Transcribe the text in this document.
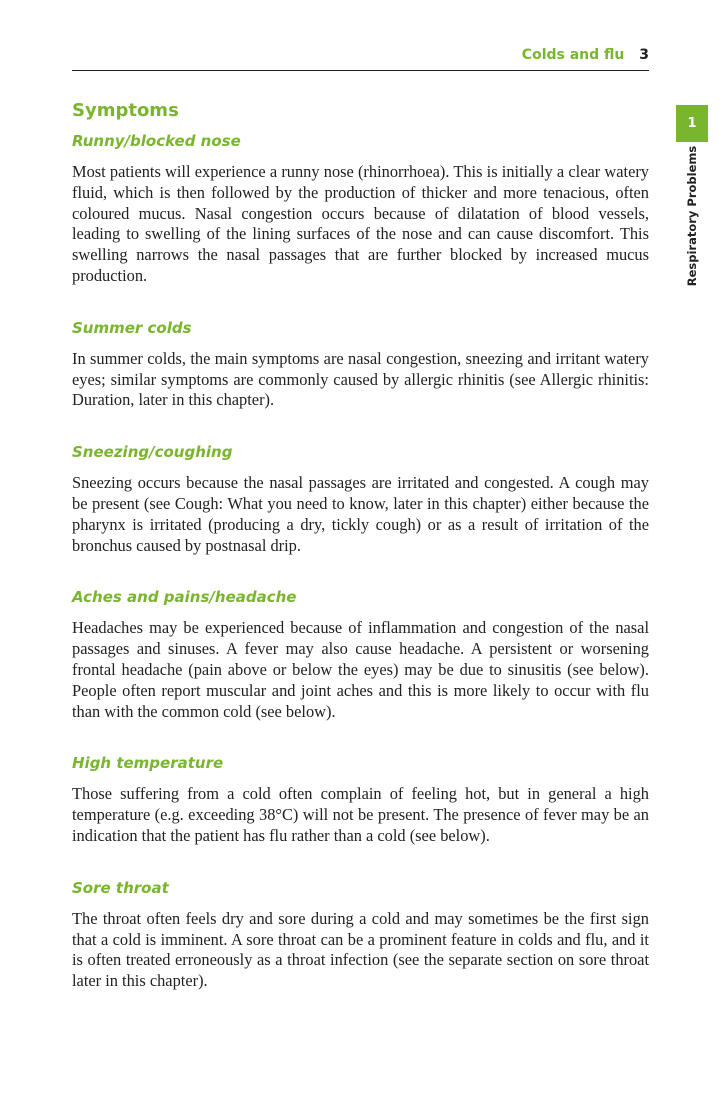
Colds and flu 3
1
Respiratory Problems
Symptoms
Runny/blocked nose

Most patients will experience a runny nose (rhinorrhoea). This is initially a clear watery fluid, which is then followed by the production of thicker and more tenacious, often coloured mucus. Nasal congestion occurs because of dilatation of blood vessels, leading to swelling of the lining surfaces of the nose and can cause discomfort. This swelling narrows the nasal passages that are further blocked by increased mucus production.

Summer colds

In summer colds, the main symptoms are nasal congestion, sneezing and irritant watery eyes; similar symptoms are commonly caused by allergic rhinitis (see Allergic rhinitis: Duration, later in this chapter).

Sneezing/coughing

Sneezing occurs because the nasal passages are irritated and congested. A cough may be present (see Cough: What you need to know, later in this chapter) either because the pharynx is irritated (producing a dry, tickly cough) or as a result of irritation of the bronchus caused by postnasal drip.

Aches and pains/headache

Headaches may be experienced because of inflammation and congestion of the nasal passages and sinuses. A fever may also cause headache. A persistent or worsening frontal headache (pain above or below the eyes) may be due to sinusitis (see below). People often report muscular and joint aches and this is more likely to occur with flu than with the common cold (see below).

High temperature

Those suffering from a cold often complain of feeling hot, but in general a high temperature (e.g. exceeding 38°C) will not be present. The presence of fever may be an indication that the patient has flu rather than a cold (see below).

Sore throat

The throat often feels dry and sore during a cold and may sometimes be the first sign that a cold is imminent. A sore throat can be a prominent feature in colds and flu, and it is often treated erroneously as a throat infection (see the separate section on sore throat later in this chapter).
